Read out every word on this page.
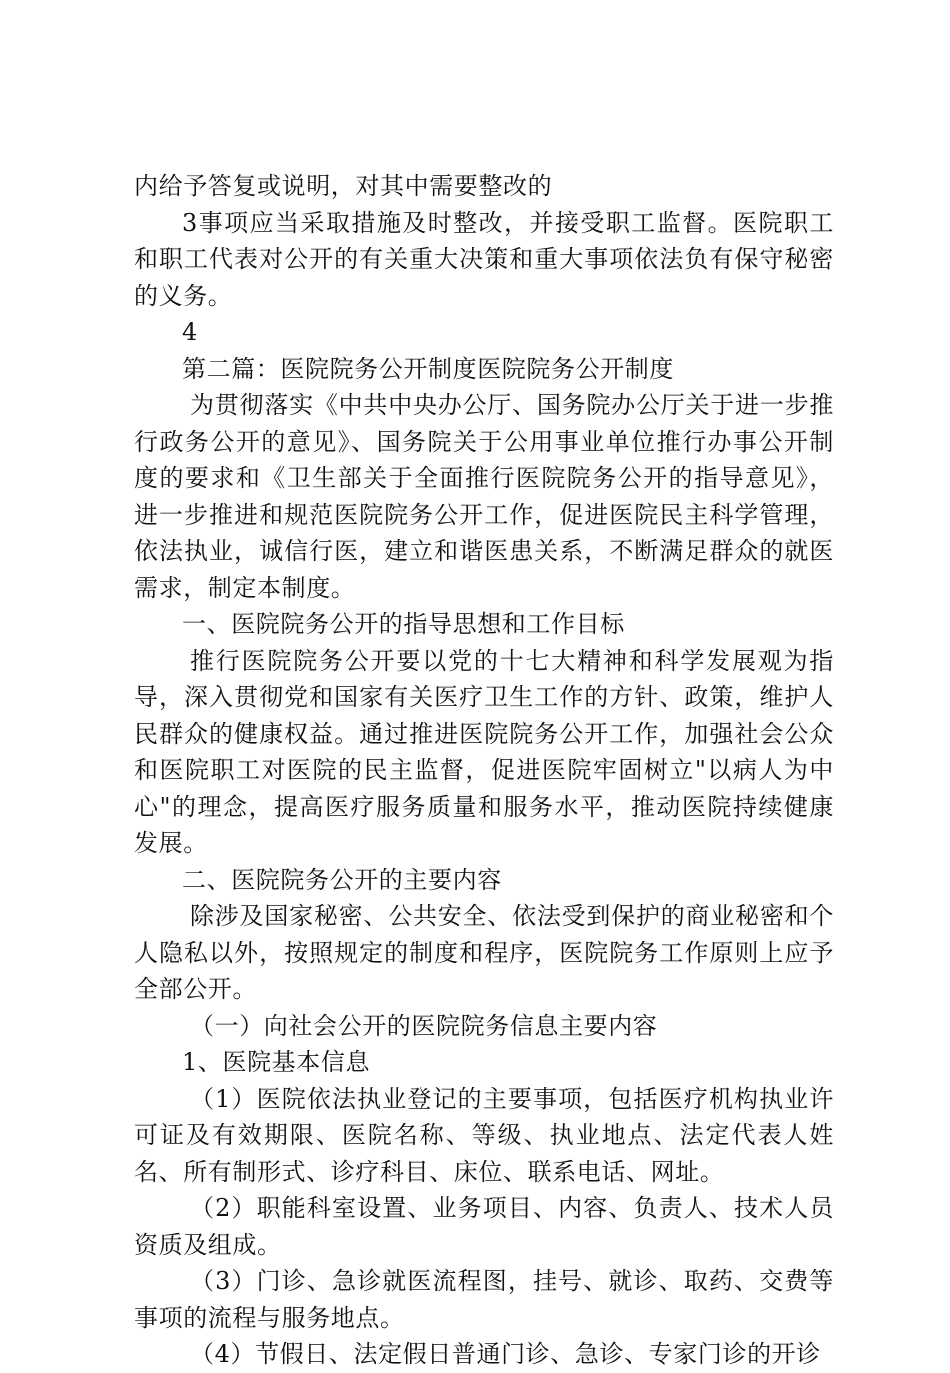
内给予答复或说明，对其中需要整改的

3事项应当采取措施及时整改，并接受职工监督。医院职工和职工代表对公开的有关重大决策和重大事项依法负有保守秘密的义务。

4

第二篇：医院院务公开制度医院院务公开制度

为贯彻落实《中共中央办公厅、国务院办公厅关于进一步推行政务公开的意见》、国务院关于公用事业单位推行办事公开制度的要求和《卫生部关于全面推行医院院务公开的指导意见》，进一步推进和规范医院院务公开工作，促进医院民主科学管理，依法执业，诚信行医，建立和谐医患关系，不断满足群众的就医需求，制定本制度。

一、医院院务公开的指导思想和工作目标

推行医院院务公开要以党的十七大精神和科学发展观为指导，深入贯彻党和国家有关医疗卫生工作的方针、政策，维护人民群众的健康权益。通过推进医院院务公开工作，加强社会公众和医院职工对医院的民主监督，促进医院牢固树立"以病人为中心"的理念，提高医疗服务质量和服务水平，推动医院持续健康发展。

二、医院院务公开的主要内容

除涉及国家秘密、公共安全、依法受到保护的商业秘密和个人隐私以外，按照规定的制度和程序，医院院务工作原则上应予全部公开。

（一）向社会公开的医院院务信息主要内容

1、医院基本信息

（1）医院依法执业登记的主要事项，包括医疗机构执业许可证及有效期限、医院名称、等级、执业地点、法定代表人姓名、所有制形式、诊疗科目、床位、联系电话、网址。

（2）职能科室设置、业务项目、内容、负责人、技术人员资质及组成。

（3）门诊、急诊就医流程图，挂号、就诊、取药、交费等事项的流程与服务地点。

（4）节假日、法定假日普通门诊、急诊、专家门诊的开诊
